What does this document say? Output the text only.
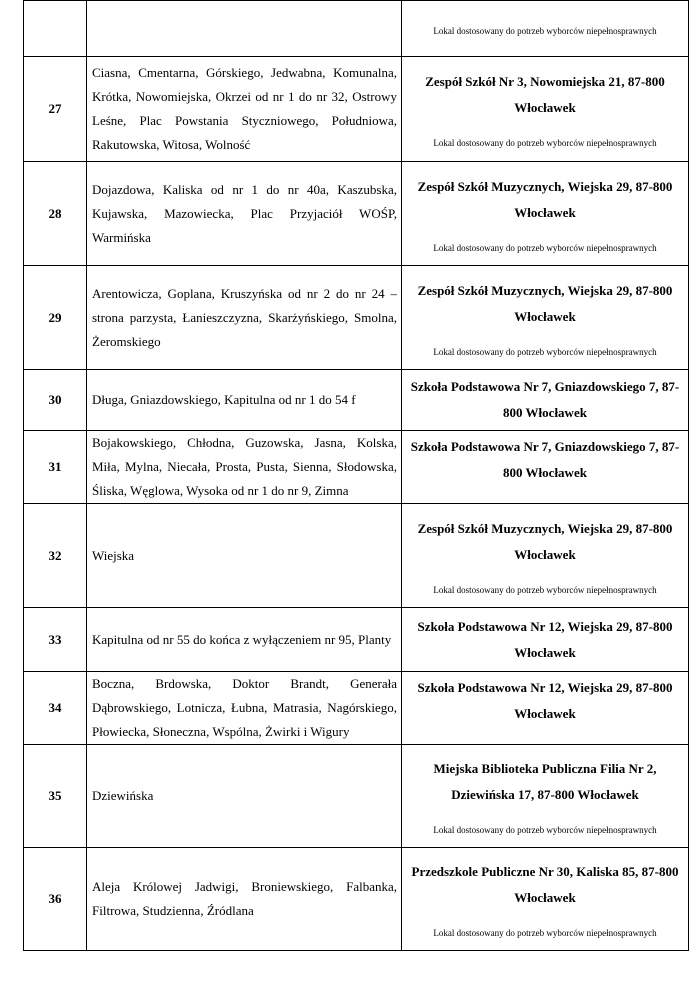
		Lokal dostosowany do potrzeb wyborców niepełnosprawnych

27	Ciasna, Cmentarna, Górskiego, Jedwabna, Komunalna, Krótka, Nowomiejska, Okrzei od nr 1 do nr 32, Ostrowy Leśne, Plac Powstania Styczniowego, Południowa, Rakutowska, Witosa, Wolność	Zespół Szkół Nr 3, Nowomiejska 21, 87-800 Włocławek
Lokal dostosowany do potrzeb wyborców niepełnosprawnych

28	Dojazdowa, Kaliska od nr 1 do nr 40a, Kaszubska, Kujawska, Mazowiecka, Plac Przyjaciół WOŚP, Warmińska	Zespół Szkół Muzycznych, Wiejska 29, 87-800 Włocławek
Lokal dostosowany do potrzeb wyborców niepełnosprawnych

29	Arentowicza, Goplana, Kruszyńska od nr 2 do nr 24 – strona parzysta, Łanieszczyzna, Skarżyńskiego, Smolna, Żeromskiego	Zespół Szkół Muzycznych, Wiejska 29, 87-800 Włocławek
Lokal dostosowany do potrzeb wyborców niepełnosprawnych

30	Długa, Gniazdowskiego, Kapitulna od nr 1 do 54 f	Szkoła Podstawowa Nr 7, Gniazdowskiego 7, 87-800 Włocławek

31	Bojakowskiego, Chłodna, Guzowska, Jasna, Kolska, Miła, Mylna, Niecała, Prosta, Pusta, Sienna, Słodowska, Śliska, Węglowa, Wysoka od nr 1 do nr 9, Zimna	Szkoła Podstawowa Nr 7, Gniazdowskiego 7, 87-800 Włocławek

32	Wiejska	Zespół Szkół Muzycznych, Wiejska 29, 87-800 Włocławek
Lokal dostosowany do potrzeb wyborców niepełnosprawnych

33	Kapitulna od nr 55 do końca z wyłączeniem nr 95, Planty	Szkoła Podstawowa Nr 12, Wiejska 29, 87-800 Włocławek

34	Boczna, Brdowska, Doktor Brandt, Generała Dąbrowskiego, Lotnicza, Łubna, Matrasia, Nagórskiego, Płowiecka, Słoneczna, Wspólna, Żwirki i Wigury	Szkoła Podstawowa Nr 12, Wiejska 29, 87-800 Włocławek

35	Dziewińska	Miejska Biblioteka Publiczna Filia Nr 2, Dziewińska 17, 87-800 Włocławek
Lokal dostosowany do potrzeb wyborców niepełnosprawnych

36	Aleja Królowej Jadwigi, Broniewskiego, Falbanka, Filtrowa, Studzienna, Źródlana	Przedszkole Publiczne Nr 30, Kaliska 85, 87-800 Włocławek
Lokal dostosowany do potrzeb wyborców niepełnosprawnych
